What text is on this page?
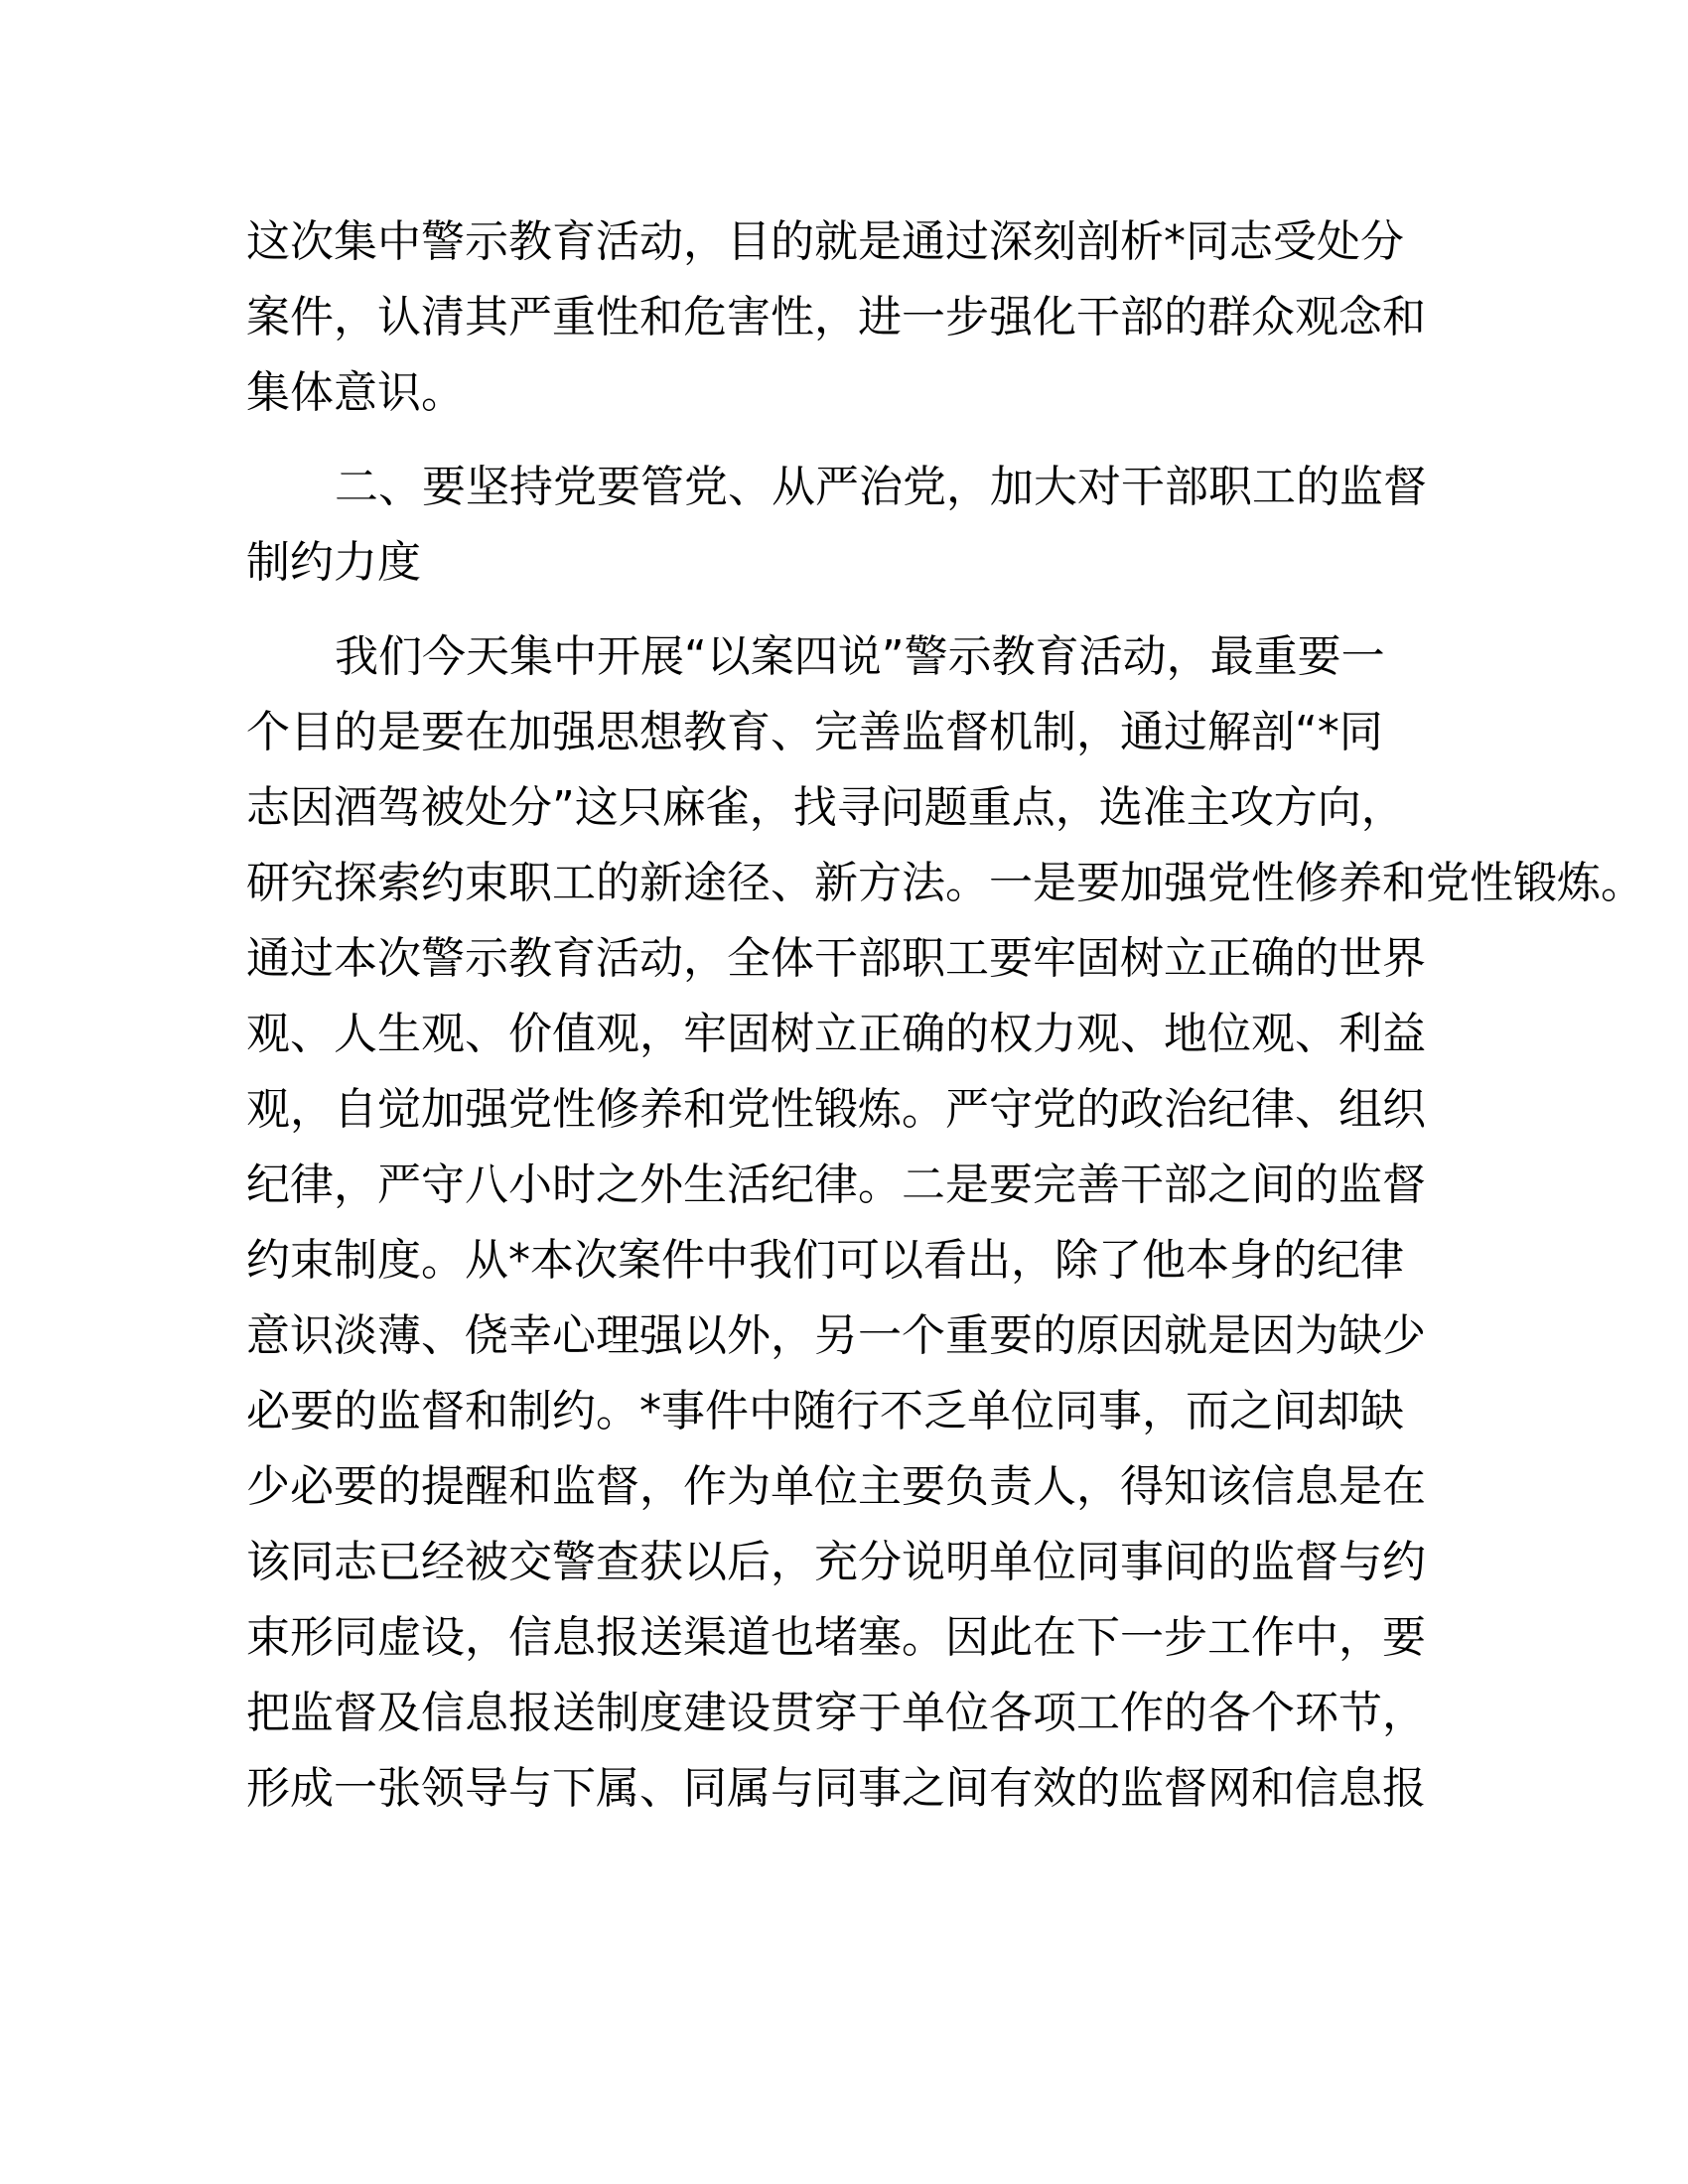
这次集中警示教育活动，目的就是通过深刻剖析*同志受处分

案件，认清其严重性和危害性，进一步强化干部的群众观念和

集体意识。

二、要坚持党要管党、从严治党，加大对干部职工的监督

制约力度

我们今天集中开展“以案四说”警示教育活动，最重要一

个目的是要在加强思想教育、完善监督机制，通过解剖“*同

志因酒驾被处分”这只麻雀，找寻问题重点，选准主攻方向，

研究探索约束职工的新途径、新方法。一是要加强党性修养和党性锻炼。

通过本次警示教育活动，全体干部职工要牢固树立正确的世界

观、人生观、价值观，牢固树立正确的权力观、地位观、利益

观，自觉加强党性修养和党性锻炼。严守党的政治纪律、组织

纪律，严守八小时之外生活纪律。二是要完善干部之间的监督

约束制度。从*本次案件中我们可以看出，除了他本身的纪律

意识淡薄、侥幸心理强以外，另一个重要的原因就是因为缺少

必要的监督和制约。*事件中随行不乏单位同事，而之间却缺

少必要的提醒和监督，作为单位主要负责人，得知该信息是在

该同志已经被交警查获以后，充分说明单位同事间的监督与约

束形同虚设，信息报送渠道也堵塞。因此在下一步工作中，要

把监督及信息报送制度建设贯穿于单位各项工作的各个环节，

形成一张领导与下属、同属与同事之间有效的监督网和信息报
